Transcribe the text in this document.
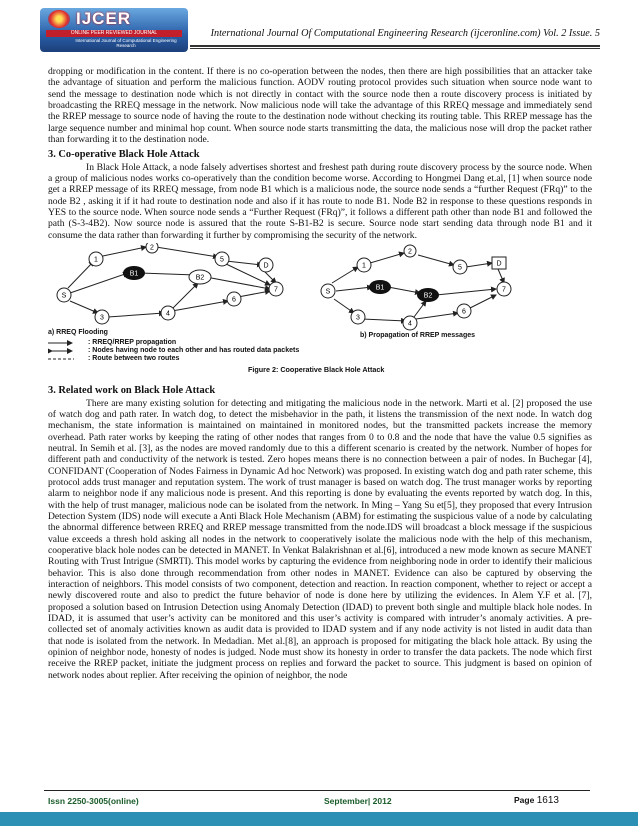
IJCER
ONLINE PEER REVIEWED JOURNAL
International Journal of Computational Engineering Research
International Journal Of Computational Engineering Research (ijceronline.com) Vol. 2 Issue. 5

dropping or modification in the content. If there is no co-operation between the nodes, then there are high possibilities that an attacker take the advantage of situation and perform the malicious function. AODV routing protocol provides such situation when source node want to send the message to destination node which is not directly in contact with the source node then a route discovery process is initiated by broadcasting the RREQ message in the network. Now malicious node will take the advantage of this RREQ message and immediately send the RREP message to source node of having the route to the destination node without checking its routing table. This RREP message has the large sequence number and minimal hop count. When source node starts transmitting the data, the malicious nose will drop the packet rather than forwarding it to the destination node.

3. Co-operative Black Hole Attack

In Black Hole Attack, a node falsely advertises shortest and freshest path during route discovery process by the source node. When a group of malicious nodes works co-operatively than the condition become worse. According to Hongmei Dang et.al, [1] when source node get a RREP message of its RREQ message, from node B1 which is a malicious node, the source node sends a “further Request (FRq)” to the node B2 , asking it if it had route to destination node and also if it has route to node B1. Node B2 in response to these questions responds in YES to the source node. When source node sends a “Further Request (FRq)”, it follows a different path other than node B1 and followed the path (S-3-4B2). Now source node is assured that the route S-B1-B2 is secure. Source node start sending data through node B1 and it consume the data rather than forwarding it further by compromising the security of the network.

1
2
5
D
7
6
4
3
S
B1
B2
1
2
5
D
7
6
4
3
S
B1
B2
a) RREQ Flooding	b) Propagation of RREP messages
: RREQ/RREP propagation
: Nodes having node to each other and has routed data packets
: Route between two routes
Figure 2: Cooperative Black Hole Attack
3. Related work on Black Hole Attack

There are many existing solution for detecting and mitigating the malicious node in the network. Marti et al. [2] proposed the use of watch dog and path rater. In watch dog, to detect the misbehavior in the path, it listens the transmission of the next node. In watch dog mechanism, the state information is maintained on maintained in monitored nodes, but the transmitted packets increase the memory overhead. Path rater works by keeping the rating of other nodes that ranges from 0 to 0.8 and the node that have the value 0.5 signifies as neutral. In Semih et al. [3], as the nodes are moved randomly due to this a different scenario is created by the network. Number of hopes for different path and conductivity of the network is tested. Zero hopes means there is no connection between a pair of nodes. In Buchegar [4], CONFIDANT (Cooperation of Nodes Fairness in Dynamic Ad hoc Network) was proposed. In existing watch dog and path rater scheme, this protocol adds trust manager and reputation system. The work of trust manager is based on watch dog. The trust manager works by reporting alarm to neighbor node if any malicious node is present. And this reporting is done by evaluating the events reported by watch dog. In this, with the help of trust manager, malicious node can be isolated from the network. In Ming – Yang Su et[5], they proposed that every Intrusion Detection System (IDS) node will execute a Anti Black Hole Mechanism (ABM) for estimating the suspicious value of a node by calculating the abnormal difference between RREQ and RREP message transmitted from the node.IDS will broadcast a block message if the suspicious value exceeds a thresh hold asking all nodes in the network to cooperatively isolate the malicious node with the help of this mechanism, cooperative black hole nodes can be detected in MANET. In Venkat Balakrishnan et al.[6], introduced a new mode known as secure MANET Routing with Trust Intrigue (SMRTI). This model works by capturing the evidence from neighboring node in order to identify their malicious behavior. This is also done through recommendation from other nodes in MANET. Evidence can also be captured by observing the interaction of neighbors. This model consists of two component, detection and reaction. In reaction component, whether to reject or accept a newly discovered route and also to predict the future behavior of node is done here by utilizing the evidences. In Alem Y.F et al. [7], proposed a solution based on Intrusion Detection using Anomaly Detection (IDAD) to prevent both single and multiple black hole nodes. In IDAD, it is assumed that user’s activity can be monitored and this user’s activity is compared with intruder’s anomaly activities. A pre-collected set of anomaly activities known as audit data is provided to IDAD system and if any node activity is not listed in audit data than that node is isolated from the network. In Medadian. Met al.[8], an approach is proposed for mitigating the black hole attack. By using the opinion of neighbor node, honesty of nodes is judged. Node must show its honesty in order to transfer the data packets. The node which first receive the RREP packet, initiate the judgment process on replies and forward the packet to source. This judgment is based on opinion of network nodes about replier. After receiving the opinion of neighbor, the node

Issn 2250-3005(online)	September| 2012	Page 1613
